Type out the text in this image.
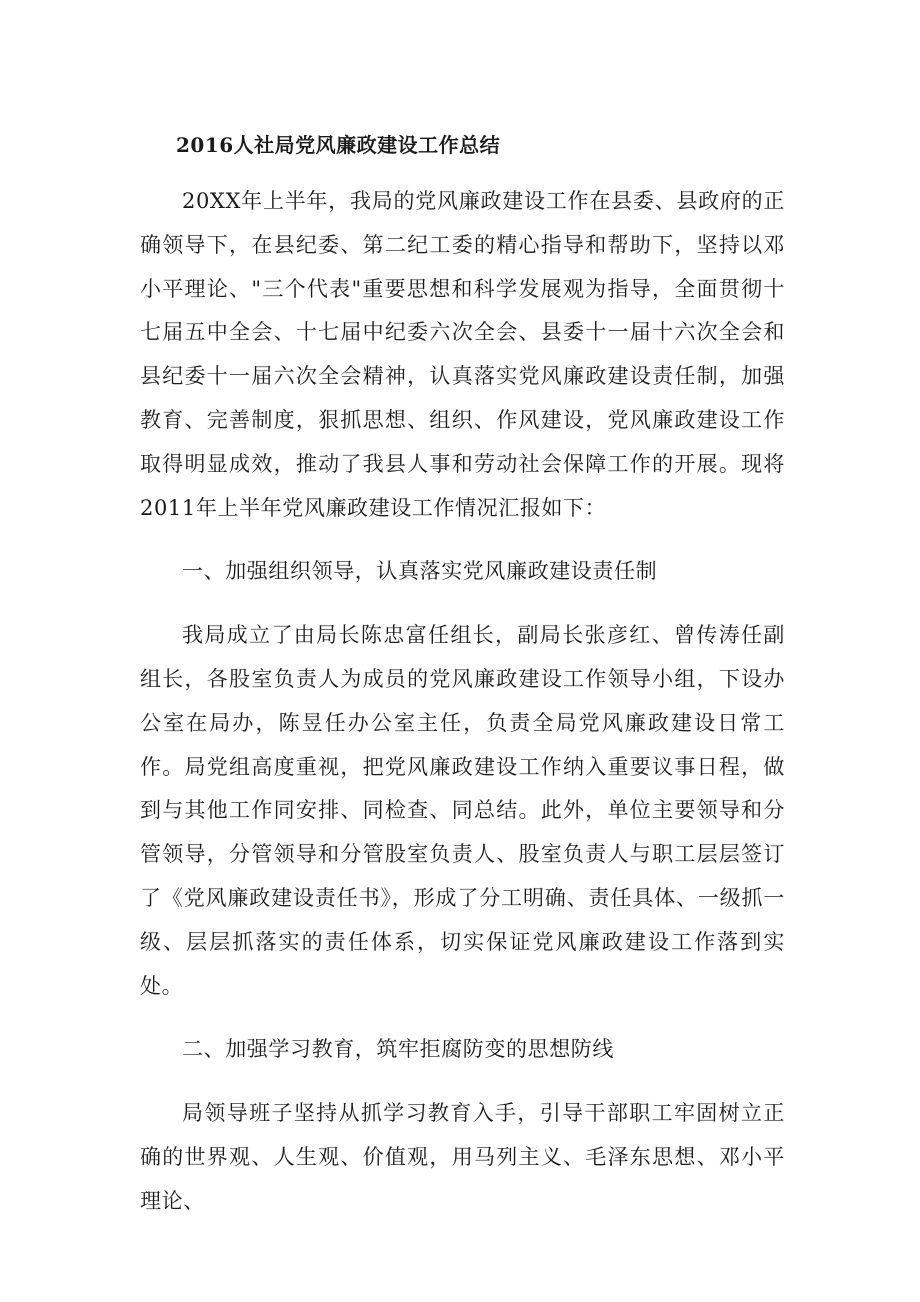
2016人社局党风廉政建设工作总结

20XX年上半年，我局的党风廉政建设工作在县委、县政府的正确领导下，在县纪委、第二纪工委的精心指导和帮助下，坚持以邓小平理论、"三个代表"重要思想和科学发展观为指导，全面贯彻十七届五中全会、十七届中纪委六次全会、县委十一届十六次全会和县纪委十一届六次全会精神，认真落实党风廉政建设责任制，加强教育、完善制度，狠抓思想、组织、作风建设，党风廉政建设工作取得明显成效，推动了我县人事和劳动社会保障工作的开展。现将2011年上半年党风廉政建设工作情况汇报如下：

一、加强组织领导，认真落实党风廉政建设责任制

我局成立了由局长陈忠富任组长，副局长张彦红、曾传涛任副组长，各股室负责人为成员的党风廉政建设工作领导小组，下设办公室在局办，陈昱任办公室主任，负责全局党风廉政建设日常工作。局党组高度重视，把党风廉政建设工作纳入重要议事日程，做到与其他工作同安排、同检查、同总结。此外，单位主要领导和分管领导，分管领导和分管股室负责人、股室负责人与职工层层签订了《党风廉政建设责任书》，形成了分工明确、责任具体、一级抓一级、层层抓落实的责任体系，切实保证党风廉政建设工作落到实处。

二、加强学习教育，筑牢拒腐防变的思想防线

局领导班子坚持从抓学习教育入手，引导干部职工牢固树立正确的世界观、人生观、价值观，用马列主义、毛泽东思想、邓小平理论、
